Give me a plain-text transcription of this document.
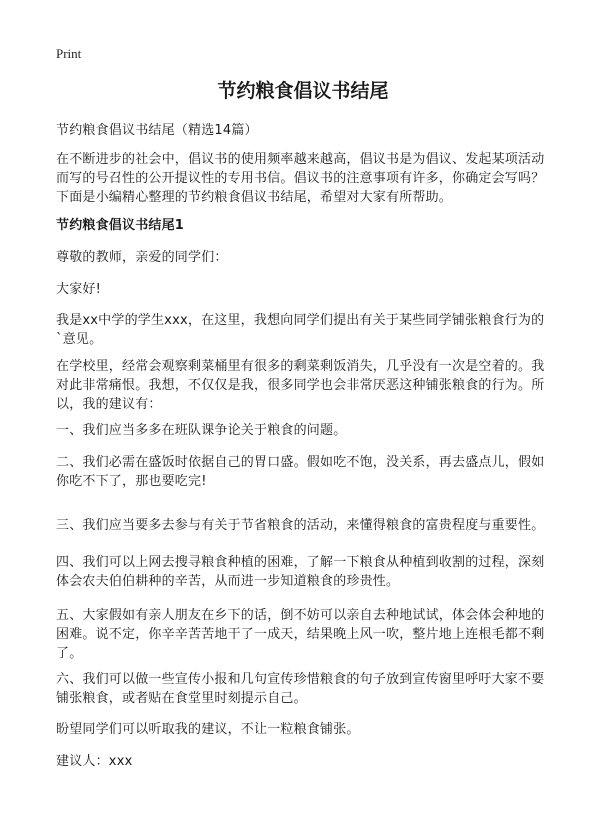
Print
节约粮食倡议书结尾

节约粮食倡议书结尾（精选14篇）

在不断进步的社会中，倡议书的使用频率越来越高，倡议书是为倡议、发起某项活动而写的号召性的公开提议性的专用书信。倡议书的注意事项有许多，你确定会写吗？下面是小编精心整理的节约粮食倡议书结尾，希望对大家有所帮助。

节约粮食倡议书结尾1

尊敬的教师，亲爱的同学们：

大家好!

我是xx中学的学生xxx，在这里，我想向同学们提出有关于某些同学铺张粮食行为的`意见。

在学校里，经常会观察剩菜桶里有很多的剩菜剩饭消失，几乎没有一次是空着的。我对此非常痛恨。我想，不仅仅是我，很多同学也会非常厌恶这种铺张粮食的行为。所以，我的建议有：

一、我们应当多多在班队课争论关于粮食的问题。

二、我们必需在盛饭时依据自己的胃口盛。假如吃不饱，没关系，再去盛点儿，假如你吃不下了，那也要吃完!

三、我们应当要多去参与有关于节省粮食的活动，来懂得粮食的富贵程度与重要性。

四、我们可以上网去搜寻粮食种植的困难，了解一下粮食从种植到收割的过程，深刻体会农夫伯伯耕种的辛苦，从而进一步知道粮食的珍贵性。

五、大家假如有亲人朋友在乡下的话，倒不妨可以亲自去种地试试，体会体会种地的困难。说不定，你辛辛苦苦地干了一成天，结果晚上风一吹，整片地上连根毛都不剩了。

六、我们可以做一些宣传小报和几句宣传珍惜粮食的句子放到宣传窗里呼吁大家不要铺张粮食，或者贴在食堂里时刻提示自己。

盼望同学们可以听取我的建议，不让一粒粮食铺张。

建议人：xxx
